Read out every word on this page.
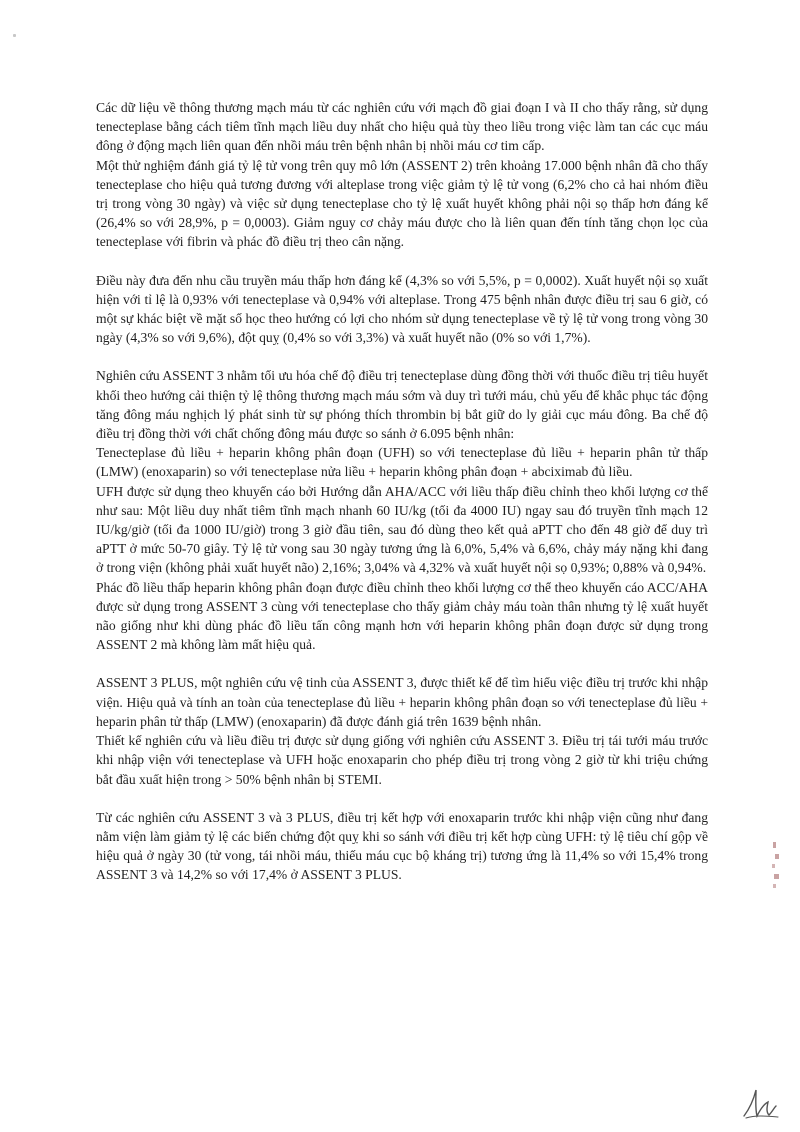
Các dữ liệu về thông thương mạch máu từ các nghiên cứu với mạch đồ giai đoạn I và II cho thấy rằng, sử dụng tenecteplase bằng cách tiêm tĩnh mạch liều duy nhất cho hiệu quả tùy theo liều trong việc làm tan các cục máu đông ở động mạch liên quan đến nhồi máu trên bệnh nhân bị nhồi máu cơ tim cấp.

Một thử nghiệm đánh giá tỷ lệ tử vong trên quy mô lớn (ASSENT 2) trên khoảng 17.000 bệnh nhân đã cho thấy tenecteplase cho hiệu quả tương đương với alteplase trong việc giảm tỷ lệ tử vong (6,2% cho cả hai nhóm điều trị trong vòng 30 ngày) và việc sử dụng tenecteplase cho tỷ lệ xuất huyết không phải nội sọ thấp hơn đáng kể (26,4% so với 28,9%, p = 0,0003). Giảm nguy cơ chảy máu được cho là liên quan đến tính tăng chọn lọc của tenecteplase với fibrin và phác đồ điều trị theo cân nặng.

Điều này đưa đến nhu cầu truyền máu thấp hơn đáng kể (4,3% so với 5,5%, p = 0,0002). Xuất huyết nội sọ xuất hiện với tỉ lệ là 0,93% với tenecteplase và 0,94% với alteplase. Trong 475 bệnh nhân được điều trị sau 6 giờ, có một sự khác biệt về mặt số học theo hướng có lợi cho nhóm sử dụng tenecteplase về tỷ lệ tử vong trong vòng 30 ngày (4,3% so với 9,6%), đột quỵ (0,4% so với 3,3%) và xuất huyết não (0% so với 1,7%).

Nghiên cứu ASSENT 3 nhằm tối ưu hóa chế độ điều trị tenecteplase dùng đồng thời với thuốc điều trị tiêu huyết khối theo hướng cải thiện tỷ lệ thông thương mạch máu sớm và duy trì tưới máu, chủ yếu để khắc phục tác động tăng đông máu nghịch lý phát sinh từ sự phóng thích thrombin bị bắt giữ do ly giải cục máu đông. Ba chế độ điều trị đồng thời với chất chống đông máu được so sánh ở 6.095 bệnh nhân:

Tenecteplase đủ liều + heparin không phân đoạn (UFH) so với tenecteplase đủ liều + heparin phân tử thấp (LMW) (enoxaparin) so với tenecteplase nửa liều + heparin không phân đoạn + abciximab đủ liều.

UFH được sử dụng theo khuyến cáo bởi Hướng dẫn AHA/ACC với liều thấp điều chỉnh theo khối lượng cơ thể như sau: Một liều duy nhất tiêm tĩnh mạch nhanh 60 IU/kg (tối đa 4000 IU) ngay sau đó truyền tĩnh mạch 12 IU/kg/giờ (tối đa 1000 IU/giờ) trong 3 giờ đầu tiên, sau đó dùng theo kết quả aPTT cho đến 48 giờ để duy trì aPTT ở mức 50-70 giây. Tỷ lệ tử vong sau 30 ngày tương ứng là 6,0%, 5,4% và 6,6%, chảy máy nặng khi đang ở trong viện (không phải xuất huyết não) 2,16%; 3,04% và 4,32% và xuất huyết nội sọ 0,93%; 0,88% và 0,94%.

Phác đồ liều thấp heparin không phân đoạn được điều chỉnh theo khối lượng cơ thể theo khuyến cáo ACC/AHA được sử dụng trong ASSENT 3 cùng với tenecteplase cho thấy giảm chảy máu toàn thân nhưng tỷ lệ xuất huyết não giống như khi dùng phác đồ liều tấn công mạnh hơn với heparin không phân đoạn được sử dụng trong ASSENT 2 mà không làm mất hiệu quả.

ASSENT 3 PLUS, một nghiên cứu vệ tinh của ASSENT 3, được thiết kế để tìm hiểu việc điều trị trước khi nhập viện. Hiệu quả và tính an toàn của tenecteplase đủ liều + heparin không phân đoạn so với tenecteplase đủ liều + heparin phân tử thấp (LMW) (enoxaparin) đã được đánh giá trên 1639 bệnh nhân.

Thiết kế nghiên cứu và liều điều trị được sử dụng giống với nghiên cứu ASSENT 3. Điều trị tái tưới máu trước khi nhập viện với tenecteplase và UFH hoặc enoxaparin cho phép điều trị trong vòng 2 giờ từ khi triệu chứng bắt đầu xuất hiện trong > 50% bệnh nhân bị STEMI.

Từ các nghiên cứu ASSENT 3 và 3 PLUS, điều trị kết hợp với enoxaparin trước khi nhập viện cũng như đang nằm viện làm giảm tỷ lệ các biến chứng đột quỵ khi so sánh với điều trị kết hợp cùng UFH: tỷ lệ tiêu chí gộp về hiệu quả ở ngày 30 (tử vong, tái nhồi máu, thiếu máu cục bộ kháng trị) tương ứng là 11,4% so với 15,4% trong ASSENT 3 và 14,2% so với 17,4% ở ASSENT 3 PLUS.
